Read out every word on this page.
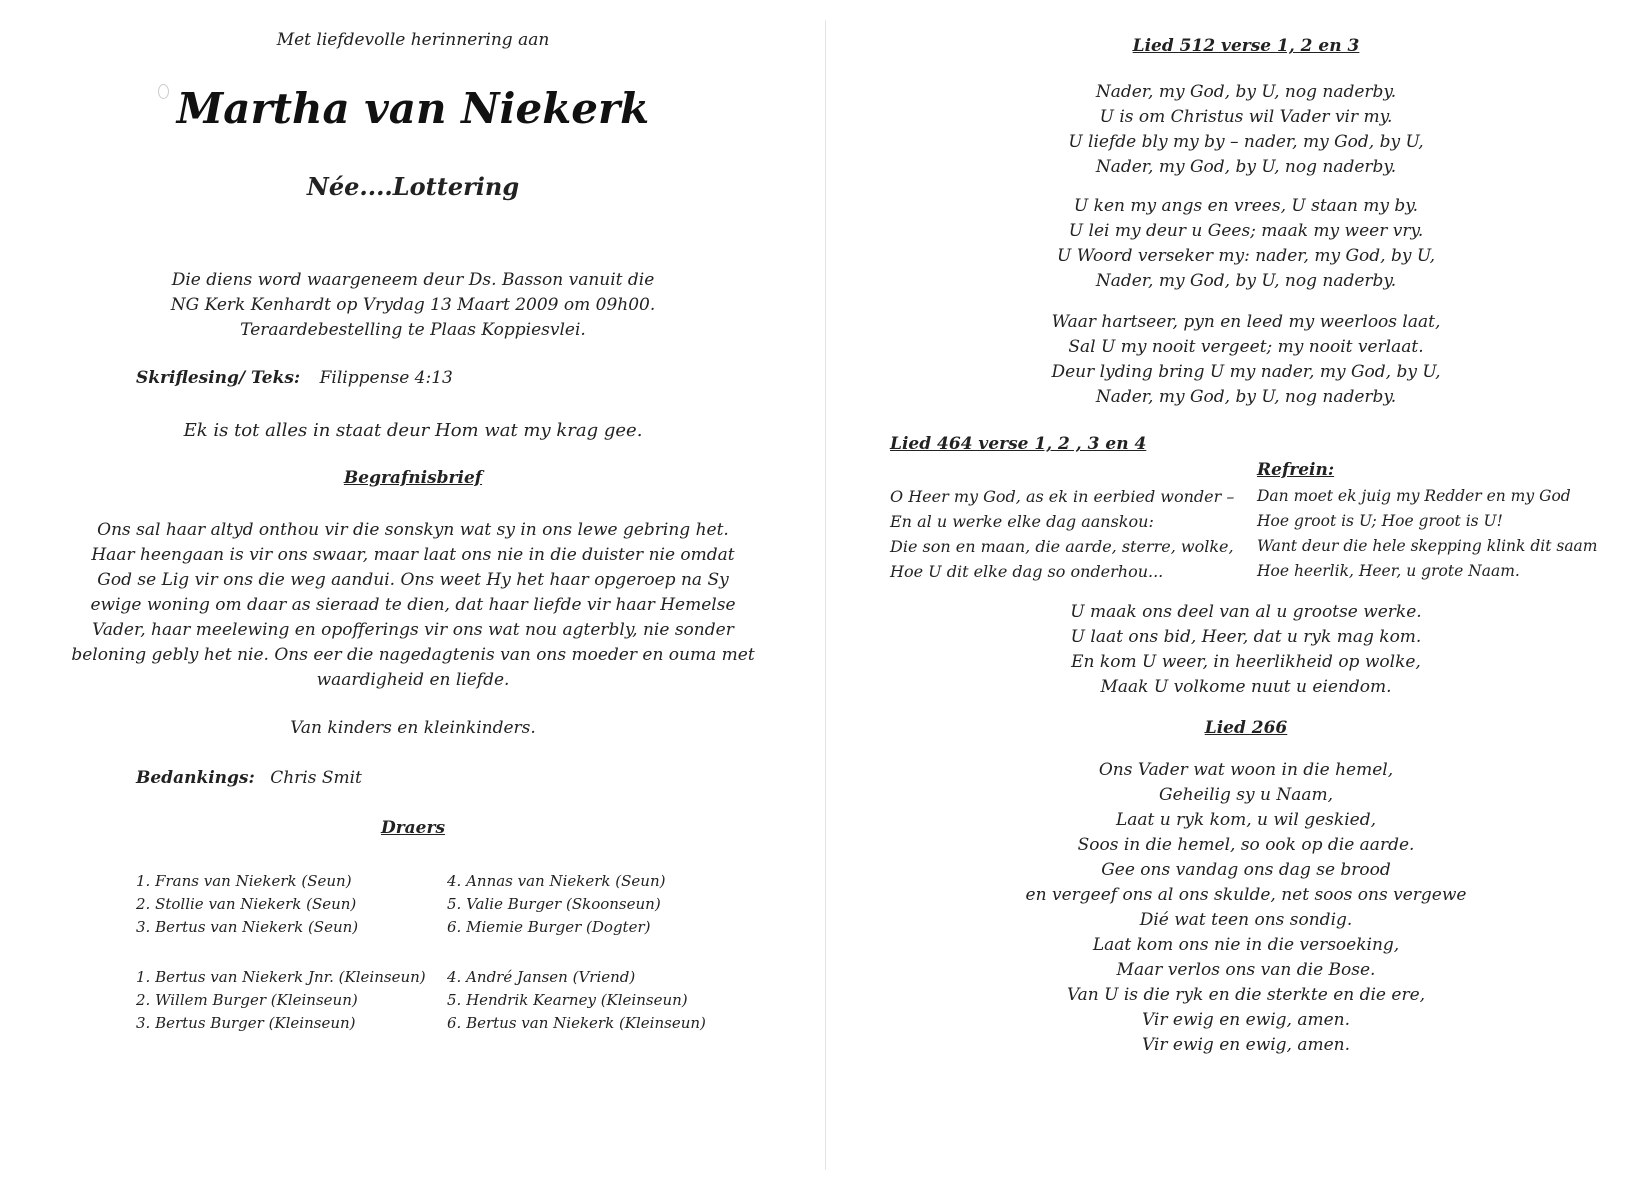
Met liefdevolle herinnering aan
Martha van Niekerk
Née....Lottering
Die diens word waargeneem deur Ds. Basson vanuit die
NG Kerk Kenhardt op Vrydag 13 Maart 2009 om 09h00.
Teraardebestelling te Plaas Koppiesvlei.
Skriflesing/ Teks: Filippense 4:13
Ek is tot alles in staat deur Hom wat my krag gee.
Begrafnisbrief
Ons sal haar altyd onthou vir die sonskyn wat sy in ons lewe gebring het.
Haar heengaan is vir ons swaar, maar laat ons nie in die duister nie omdat
God se Lig vir ons die weg aandui. Ons weet Hy het haar opgeroep na Sy
ewige woning om daar as sieraad te dien, dat haar liefde vir haar Hemelse
Vader, haar meelewing en opofferings vir ons wat nou agterbly, nie sonder
beloning gebly het nie. Ons eer die nagedagtenis van ons moeder en ouma met
waardigheid en liefde.
Van kinders en kleinkinders.
Bedankings: Chris Smit
Draers
1. Frans van Niekerk (Seun)
2. Stollie van Niekerk (Seun)
3. Bertus van Niekerk (Seun)
4. Annas van Niekerk (Seun)
5. Valie Burger (Skoonseun)
6. Miemie Burger (Dogter)
1. Bertus van Niekerk Jnr. (Kleinseun)
2. Willem Burger (Kleinseun)
3. Bertus Burger (Kleinseun)
4. André Jansen (Vriend)
5. Hendrik Kearney (Kleinseun)
6. Bertus van Niekerk (Kleinseun)
Lied 512 verse 1, 2 en 3
Nader, my God, by U, nog naderby.
U is om Christus wil Vader vir my.
U liefde bly my by – nader, my God, by U,
Nader, my God, by U, nog naderby.
U ken my angs en vrees, U staan my by.
U lei my deur u Gees; maak my weer vry.
U Woord verseker my: nader, my God, by U,
Nader, my God, by U, nog naderby.
Waar hartseer, pyn en leed my weerloos laat,
Sal U my nooit vergeet; my nooit verlaat.
Deur lyding bring U my nader, my God, by U,
Nader, my God, by U, nog naderby.
Lied 464 verse 1, 2 , 3 en 4
Refrein:
O Heer my God, as ek in eerbied wonder –
En al u werke elke dag aanskou:
Die son en maan, die aarde, sterre, wolke,
Hoe U dit elke dag so onderhou...
Dan moet ek juig my Redder en my God
Hoe groot is U; Hoe groot is U!
Want deur die hele skepping klink dit saam
Hoe heerlik, Heer, u grote Naam.
U maak ons deel van al u grootse werke.
U laat ons bid, Heer, dat u ryk mag kom.
En kom U weer, in heerlikheid op wolke,
Maak U volkome nuut u eiendom.
Lied 266
Ons Vader wat woon in die hemel,
Geheilig sy u Naam,
Laat u ryk kom, u wil geskied,
Soos in die hemel, so ook op die aarde.
Gee ons vandag ons dag se brood
en vergeef ons al ons skulde, net soos ons vergewe
Dié wat teen ons sondig.
Laat kom ons nie in die versoeking,
Maar verlos ons van die Bose.
Van U is die ryk en die sterkte en die ere,
Vir ewig en ewig, amen.
Vir ewig en ewig, amen.
